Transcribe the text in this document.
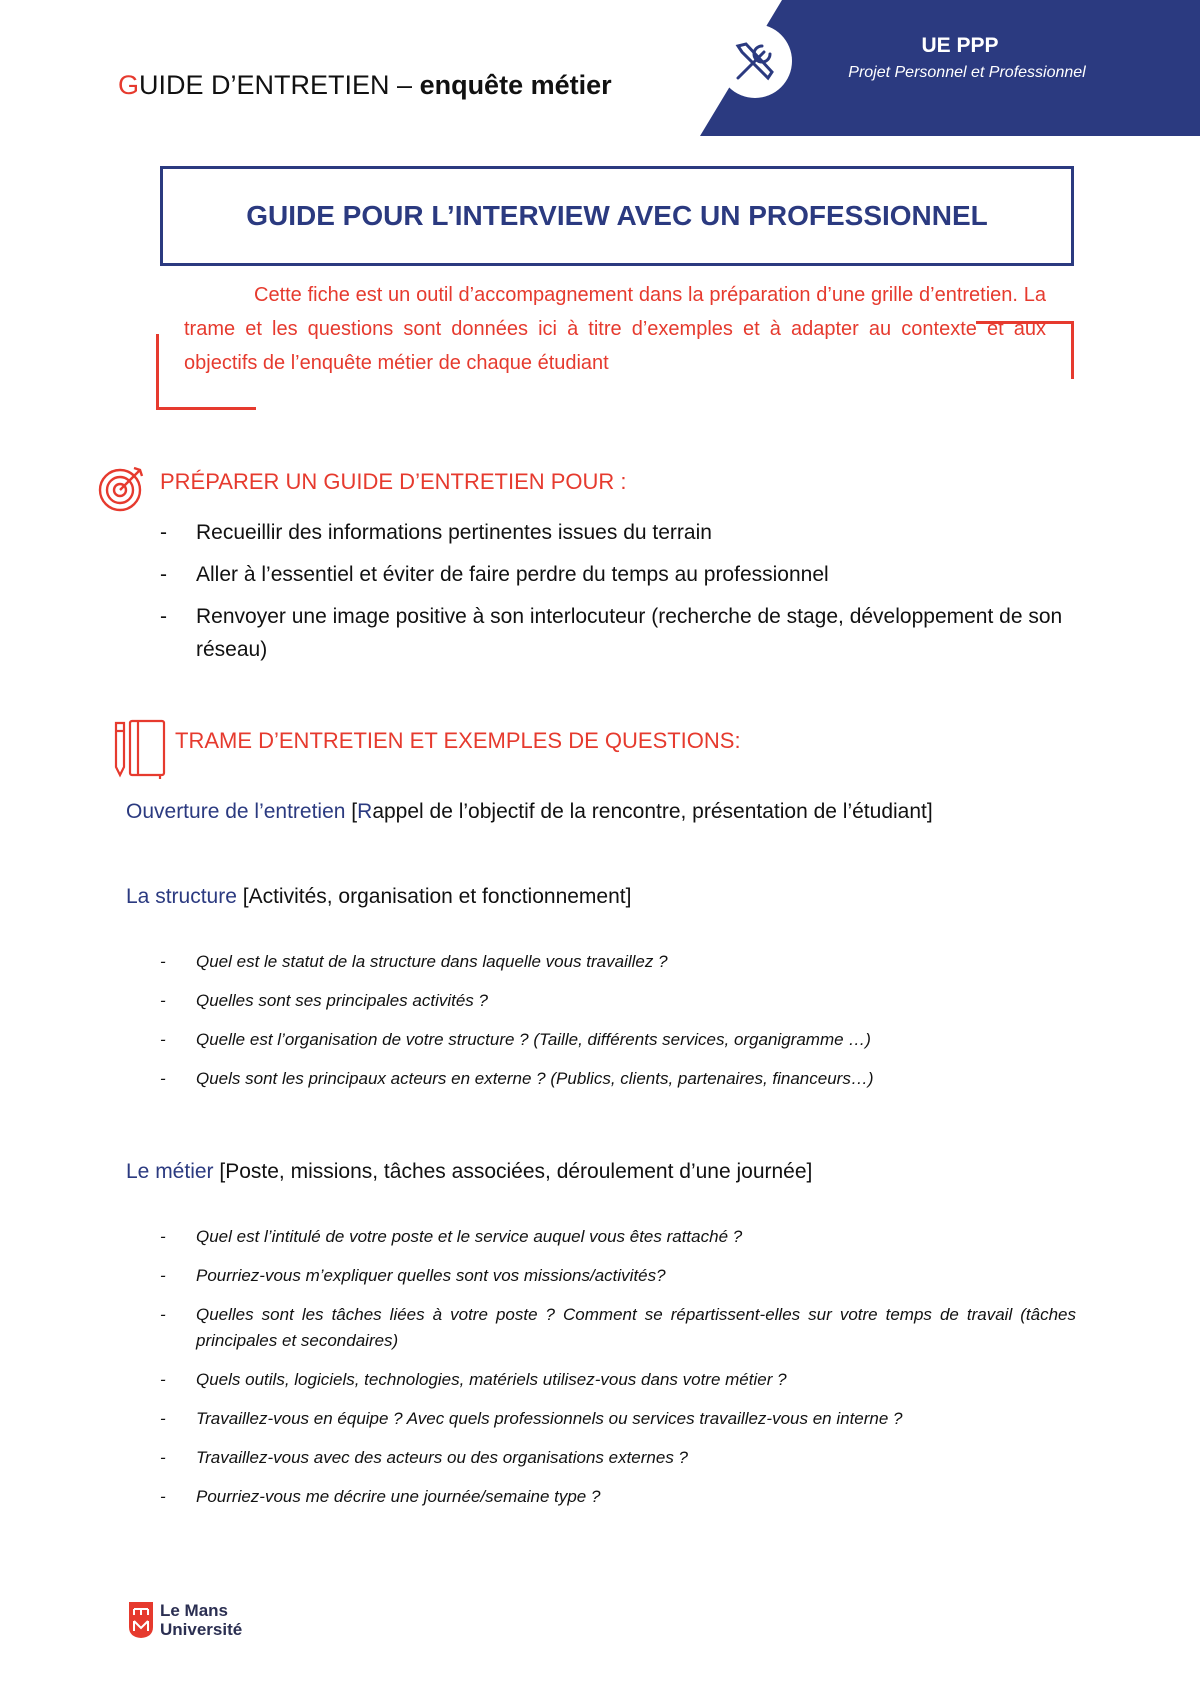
GUIDE D’ENTRETIEN – enquête métier
UE PPP
Projet Personnel et Professionnel
GUIDE POUR L’INTERVIEW AVEC UN PROFESSIONNEL
Cette fiche est un outil d’accompagnement dans la préparation d’une grille d’entretien. La trame et les questions sont données ici à titre d’exemples et à adapter au contexte et aux objectifs de l’enquête métier de chaque étudiant
PRÉPARER UN GUIDE D’ENTRETIEN POUR :
- Recueillir des informations pertinentes issues du terrain
- Aller à l’essentiel et éviter de faire perdre du temps au professionnel
- Renvoyer une image positive à son interlocuteur (recherche de stage, développement de son réseau)
TRAME D’ENTRETIEN ET EXEMPLES DE QUESTIONS:
Ouverture de l’entretien [Rappel de l’objectif de la rencontre, présentation de l’étudiant]
La structure [Activités, organisation et fonctionnement]
- Quel est le statut de la structure dans laquelle vous travaillez ?
- Quelles sont ses principales activités ?
- Quelle est l’organisation de votre structure ? (Taille, différents services, organigramme …)
- Quels sont les principaux acteurs en externe ? (Publics, clients, partenaires, financeurs…)
Le métier [Poste, missions, tâches associées, déroulement d’une journée]
- Quel est l’intitulé de votre poste et le service auquel vous êtes rattaché ?
- Pourriez-vous m’expliquer quelles sont vos missions/activités?
- Quelles sont les tâches liées à votre poste ? Comment se répartissent-elles sur votre temps de travail (tâches principales et secondaires)
- Quels outils, logiciels, technologies, matériels utilisez-vous dans votre métier ?
- Travaillez-vous en équipe ? Avec quels professionnels ou services travaillez-vous en interne ?
- Travaillez-vous avec des acteurs ou des organisations externes ?
- Pourriez-vous me décrire une journée/semaine type ?
Le Mans
Université
